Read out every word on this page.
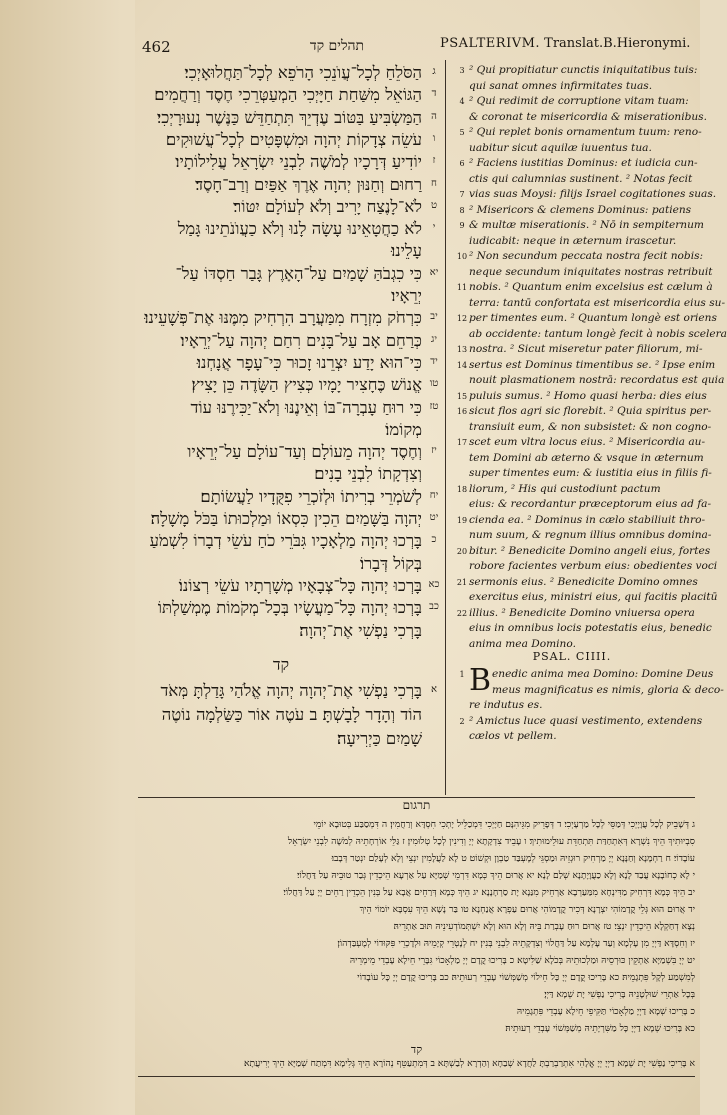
462	תהלים קד	PSALTERIVM. Translat.B.Hieronymi.
הַסֹּלֵחַ לְכָל־עֲוֺנֵכִי הָרֹפֵא לְכָל־תַּחֲלוּאָיְכִי׃	ג
הַגּוֹאֵל מִשַּׁחַת חַיָּיְכִי הַמְעַטְּרֵכִי חֶסֶד וְרַחֲמִים׃ ד
הַמַּשְׂבִּיעַ בַּטּוֹב עֶדְיֵךְ תִּתְחַדֵּשׁ כַּנֶּשֶׁר נְעוּרָיְכִי׃ ה
עֹשֵׂה צְדָקוֹת יְהוָה וּמִשְׁפָּטִים לְכָל־עֲשׁוּקִים׃	ו
יוֹדִיעַ דְּרָכָיו לְמֹשֶׁה לִבְנֵי יִשְׂרָאֵל עֲלִילוֹתָיו׃	ז
רַחוּם וְחַנּוּן יְהוָה אֶרֶךְ אַפַּיִם וְרַב־חָסֶד׃ ח
לֹא־לָנֶצַח יָרִיב וְלֹא לְעוֹלָם יִטּוֹר׃ ט
לֹא כַחֲטָאֵינוּ עָשָׂה לָנוּ וְלֹא כַעֲוֺנֹתֵינוּ גָּמַל	י
עָלֵינוּ׃
כִּי כִגְבֹהַּ שָׁמַיִם עַל־הָאָרֶץ גָּבַר חַסְדּוֹ עַל־ יא
יְרֵאָיו׃
כִּרְחֹק מִזְרָח מִמַּעֲרָב הִרְחִיק מִמֶּנּוּ אֶת־פְּשָׁעֵינוּ׃ יב
כְּרַחֵם אָב עַל־בָּנִים רִחַם יְהוָה עַל־יְרֵאָיו׃ יג
כִּי־הוּא יָדַע יִצְרֵנוּ זָכוּר כִּי־עָפָר אֲנָחְנוּ׃ יד
אֱנוֹשׁ כֶּחָצִיר יָמָיו כְּצִיץ הַשָּׂדֶה כֵּן יָצִיץ׃ טו
כִּי רוּחַ עָבְרָה־בּוֹ וְאֵינֶנּוּ וְלֹא־יַכִּירֶנּוּ עוֹד טז
מְקוֹמוֹ׃
וְחֶסֶד יְהוָה מֵעוֹלָם וְעַד־עוֹלָם עַל־יְרֵאָיו יז
וְצִדְקָתוֹ לִבְנֵי בָנִים׃
לְשֹׁמְרֵי בְרִיתוֹ וּלְזֹכְרֵי פִקֻּדָיו לַעֲשׂוֹתָם׃ יח
יְהוָה בַּשָּׁמַיִם הֵכִין כִּסְאוֹ וּמַלְכוּתוֹ בַּכֹּל מָשָׁלָה׃ יט
בָּרְכוּ יְהוָה מַלְאָכָיו גִּבֹּרֵי כֹחַ עֹשֵׂי דְבָרוֹ לִשְׁמֹעַ כ
בְּקוֹל דְּבָרוֹ׃
בָּרְכוּ יְהוָה כָּל־צְבָאָיו מְשָׁרְתָיו עֹשֵׂי רְצוֹנוֹ׃ כא
בָּרְכוּ יְהוָה כָּל־מַעֲשָׂיו בְּכָל־מְקֹמוֹת מֶמְשַׁלְתּוֹ כב
בָּרְכִי נַפְשִׁי אֶת־יְהוָה׃
בָּרְכִי נַפְשִׁי אֶת־יְהוָה יְהוָה אֱלֹהַי גָּדַלְתָּ מְּאֹד א
הוֹד וְהָדָר לָבָשְׁתָּ׃ ב עֹטֶה אוֹר כַּשַּׂלְמָה נוֹטֶה
שָׁמַיִם כַּיְרִיעָה׃
קד
² Qui propitiatur cunctis iniquitatibus tuis:
3
qui sanat omnes infirmitates tuas.
² Qui redimit de corruptione vitam tuam:
4
& coronat te misericordia & miserationibus.
² Qui replet bonis ornamentum tuum: reno-
5
uabitur sicut aquilæ iuuentus tua.
² Faciens iustitias Dominus: et iudicia cun-
6
ctis qui calumnias sustinent. ² Notas fecit
vias suas Moysi: filijs Israel cogitationes suas.
7
² Misericors & clemens Dominus: patiens
8
& multæ miserationis. ² Nō in sempiternum
9
iudicabit: neque in æternum irascetur.
² Non secundum peccata nostra fecit nobis:
10
neque secundum iniquitates nostras retribuit
nobis. ² Quantum enim excelsius est cælum à
11
terra: tantū confortata est misericordia eius su-
per timentes eum. ² Quantum longè est oriens
12
ab occidente: tantum longè fecit à nobis scelera
nostra. ² Sicut miseretur pater filiorum, mi-
13
sertus est Dominus timentibus se. ² Ipse enim
14
nouit plasmationem nostrā: recordatus est quia
puluis sumus. ² Homo quasi herba: dies eius
15
sicut flos agri sic florebit. ² Quia spiritus per-
16
transiuit eum, & non subsistet: & non cogno-
scet eum vltra locus eius. ² Misericordia au-
17
tem Domini ab æterno & vsque in æternum
super timentes eum: & iustitia eius in filiis fi-
liorum, ² His qui custodiunt pactum
18
eius: & recordantur præceptorum eius ad fa-
cienda ea. ² Dominus in cælo stabiliuit thro-
19
num suum, & regnum illius omnibus domina-
bitur. ² Benedicite Domino angeli eius, fortes
20
robore facientes verbum eius: obedientes voci
sermonis eius. ² Benedicite Domino omnes
21
exercitus eius, ministri eius, qui facitis placitū
illius. ² Benedicite Domino vniuersa opera
22
eius in omnibus locis potestatis eius, benedic
anima mea Domino.
PSAL. CIIII.
B enedic anima mea Domino: Domine Deus
1
meus magnificatus es nimis, gloria & deco-
re indutus es.
² Amictus luce quasi vestimento, extendens
2
cælos vt pellem.
תרגום
ג דְּשָׁבֵיק לְכָל עֲוָיָיְכִי דְּמַסֵּי לְכָל מַרְעָיְכִי׃ ד דְּפָרֵיק מִגֵּיהִנָּם חַיָּיְכִי דִּמְכַלֵּיל יָתְכִי חִסְדָּא וְרַחֲמִין׃ ה דִּמְסַבַּע בְּטוּבָא יוֹמֵי
סִבְיוּתִיךְ הֵיךְ נִשְׁרָא דְּאִתְחַדַּת תִּתְחַדֵּת עוּלֵימוּתִיךְ׃ ו עָבֵיד צִדְקָתָא יְיָ וְדִינִין לְכָל טְלוּמִין׃ ז גַּלֵּי אוֹרְחָתֵיהּ לְמֹשֶׁה לִבְנֵי יִשְׂרָאֵל
עוֹבָדוֹי׃ ח רַחְמָנָא וְחַנָּנָא יְיָ מַרְחִיק רוּגְזֵיהּ וּמַסְגֵּי לְמֶעְבַּד טַבְוָן וּקְשׁוֹט׃ ט לָא לַעֲלָמִין יִנְצֵי וְלָא לְעָלַם יִנְטַר דְּבָבוּ׃
י לָא כְחוֹבָנָא עֲבַד לָנָא וְלָא כַעֲוָיָתָנָא שְׁלַם לָנָא׃ יא אֲרוּם הֵיךְ כְּמָא דִּרְמֵי שְׁמַיָּא עַל אַרְעָא הֵיכְדֵין גְּבַר טוּבֵיהּ עַל דַּחֲלוֹי׃
יב הֵיךְ כְּמָא דִּרְחִיק מַדִּינְחָא מִמַּעַרְבָא אַרְחֵיק מִנַּנָא יָת סַרְחָנָנָא׃ יג הֵיךְ כְּמָא דְּרַחֵים אֲבָא עַל בְּנִין הֵכְדֵין רַחֵים יְיָ עַל דַּחֲלוֹי׃
יד אֲרוּם הוּא גְּלֵי קֳדָמוֹהִי יִצְרָנָא דְּכִיר קֳדָמוֹהִי אֲרוּם עַפְרָא אֲנַחְנָא׃ טו בַּר נָשָׁא הֵיךְ עִסְבָּא יוֹמוֹי הֵיךְ
נְצָא דְחַקְלָא הֵיכְדֵין יִנְצֵי׃ טז אֲרוּם רוּחַ עָבְרַת בֵּיהּ וְלָא הוּא וְלָא יִשְׁתְּמוֹדְעִינֵיהּ תּוּב אַתְרֵיהּ׃
יז וְחִסְדָּא דַּיְיָ מִן עָלְמָא וְעַד עָלְמָא עַל דַּחֲלוֹי וְצִדְקָתֵיהּ לִבְנֵי בְּנִין׃ יח לְנָטְרֵי קְיָמֵיהּ וּלְדָכְרֵי פִּקּוּדוֹי לְמֶעְבַּדְהוֹן׃
יט יְיָ בִּשְׁמַיָּא אַתְקֵין כּוּרְסֵיהּ וּמַלְכוּתֵיהּ בְּכֹלָא שַׁלִּיטָא׃ כ בָּרִיכוּ קֳדָם יְיָ מַלְאָכוֹי גִּבָּרֵי חֵילָא עָבְדֵי מֵימְרֵיהּ
לְמִשְׁמַע לְקָל פִּתְגָמֵיהּ׃ כא בָּרִיכוּ קֳדָם יְיָ כָּל חֵילוֹי מְשַׁמְּשׁוֹי עָבְדֵי רְעוּתֵיהּ׃ כב בָּרִיכוּ קֳדָם יְיָ כָּל עוֹבָדוֹי
בְּכָל אַתְרֵי שׁוּלְטָנֵיהּ בָּרִיכִי נַפְשִׁי יָת שְׁמָא דַּיְיָ׃
כ בָּרִיכוּ שְׁמָא דַיְיָ מַלְאָכוֹי תַּקִּיפֵי חֵילָא עָבְדֵי פִּתְגָמֵיהּ
כא בָּרִיכוּ שְׁמָא דַיְיָ כָּל מַשִּׁרְיָתֵיהּ מְשַׁמְּשׁוֹי עָבְדֵי רְעוּתֵיהּ׃
קד
א בָּרִיכִי נַפְשִׁי יָת שְׁמָא דַיְיָ יְיָ אֱלָהִי אִתְרַבְרַבְתָּ לַחֲדָא שְׁבַחָא וְהַדְרָא לְבַשְׁתָּא׃ ב דְּמִתְעַטֵּף נְהוֹרָא הֵיךְ גְּלִימָא דִּמְתַח שְׁמַיָּא הֵיךְ יְרִיעֲתָא׃
